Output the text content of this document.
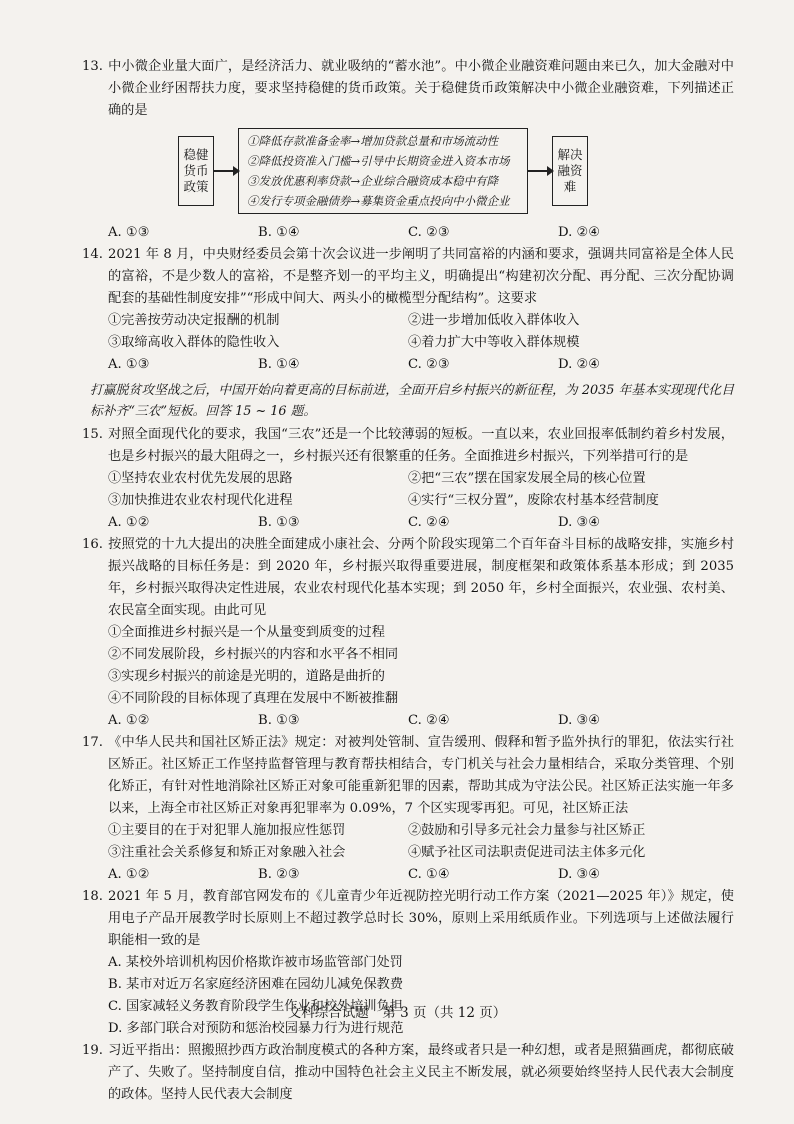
13. 中小微企业量大面广，是经济活力、就业吸纳的“蓄水池”。中小微企业融资难问题由来已久，加大金融对中小微企业纾困帮扶力度，要求坚持稳健的货币政策。关于稳健货币政策解决中小微企业融资难，下列描述正确的是

稳健货币政策
①降低存款准备金率→增加贷款总量和市场流动性
②降低投资准入门槛→引导中长期资金进入资本市场
③发放优惠利率贷款→企业综合融资成本稳中有降
④发行专项金融债券→募集资金重点投向中小微企业
解决融资难
A. ①③	B. ①④	C. ②③	D. ②④

14. 2021 年 8 月，中央财经委员会第十次会议进一步阐明了共同富裕的内涵和要求，强调共同富裕是全体人民的富裕，不是少数人的富裕，不是整齐划一的平均主义，明确提出“构建初次分配、再分配、三次分配协调配套的基础性制度安排”“形成中间大、两头小的橄榄型分配结构”。这要求

①完善按劳动决定报酬的机制	②进一步增加低收入群体收入
③取缔高收入群体的隐性收入	④着力扩大中等收入群体规模
A. ①③	B. ①④	C. ②③	D. ②④

打赢脱贫攻坚战之后，中国开始向着更高的目标前进，全面开启乡村振兴的新征程，为 2035 年基本实现现代化目标补齐“三农”短板。回答 15 ~ 16 题。

15. 对照全面现代化的要求，我国“三农”还是一个比较薄弱的短板。一直以来，农业回报率低制约着乡村发展，也是乡村振兴的最大阻碍之一，乡村振兴还有很繁重的任务。全面推进乡村振兴，下列举措可行的是

①坚持农业农村优先发展的思路	②把“三农”摆在国家发展全局的核心位置
③加快推进农业农村现代化进程	④实行“三权分置”，废除农村基本经营制度
A. ①②	B. ①③	C. ②④	D. ③④

16. 按照党的十九大提出的决胜全面建成小康社会、分两个阶段实现第二个百年奋斗目标的战略安排，实施乡村振兴战略的目标任务是：到 2020 年，乡村振兴取得重要进展，制度框架和政策体系基本形成；到 2035 年，乡村振兴取得决定性进展，农业农村现代化基本实现；到 2050 年，乡村全面振兴，农业强、农村美、农民富全面实现。由此可见

①全面推进乡村振兴是一个从量变到质变的过程
②不同发展阶段，乡村振兴的内容和水平各不相同
③实现乡村振兴的前途是光明的，道路是曲折的
④不同阶段的目标体现了真理在发展中不断被推翻
A. ①②	B. ①③	C. ②④	D. ③④

17. 《中华人民共和国社区矫正法》规定：对被判处管制、宣告缓刑、假释和暂予监外执行的罪犯，依法实行社区矫正。社区矫正工作坚持监督管理与教育帮扶相结合，专门机关与社会力量相结合，采取分类管理、个别化矫正，有针对性地消除社区矫正对象可能重新犯罪的因素，帮助其成为守法公民。社区矫正法实施一年多以来，上海全市社区矫正对象再犯罪率为 0.09%，7 个区实现零再犯。可见，社区矫正法

①主要目的在于对犯罪人施加报应性惩罚	②鼓励和引导多元社会力量参与社区矫正
③注重社会关系修复和矫正对象融入社会	④赋予社区司法职责促进司法主体多元化
A. ①②	B. ②③	C. ①④	D. ③④

18. 2021 年 5 月，教育部官网发布的《儿童青少年近视防控光明行动工作方案（2021—2025 年）》规定，使用电子产品开展教学时长原则上不超过教学总时长 30%，原则上采用纸质作业。下列选项与上述做法履行职能相一致的是

A. 某校外培训机构因价格欺诈被市场监管部门处罚
B. 某市对近万名家庭经济困难在园幼儿减免保教费
C. 国家减轻义务教育阶段学生作业和校外培训负担
D. 多部门联合对预防和惩治校园暴力行为进行规范

19. 习近平指出：照搬照抄西方政治制度模式的各种方案，最终或者只是一种幻想，或者是照猫画虎，都彻底破产了、失败了。坚持制度自信，推动中国特色社会主义民主不断发展，就必须要始终坚持人民代表大会制度的政体。坚持人民代表大会制度

文科综合试题　第 3 页（共 12 页）
